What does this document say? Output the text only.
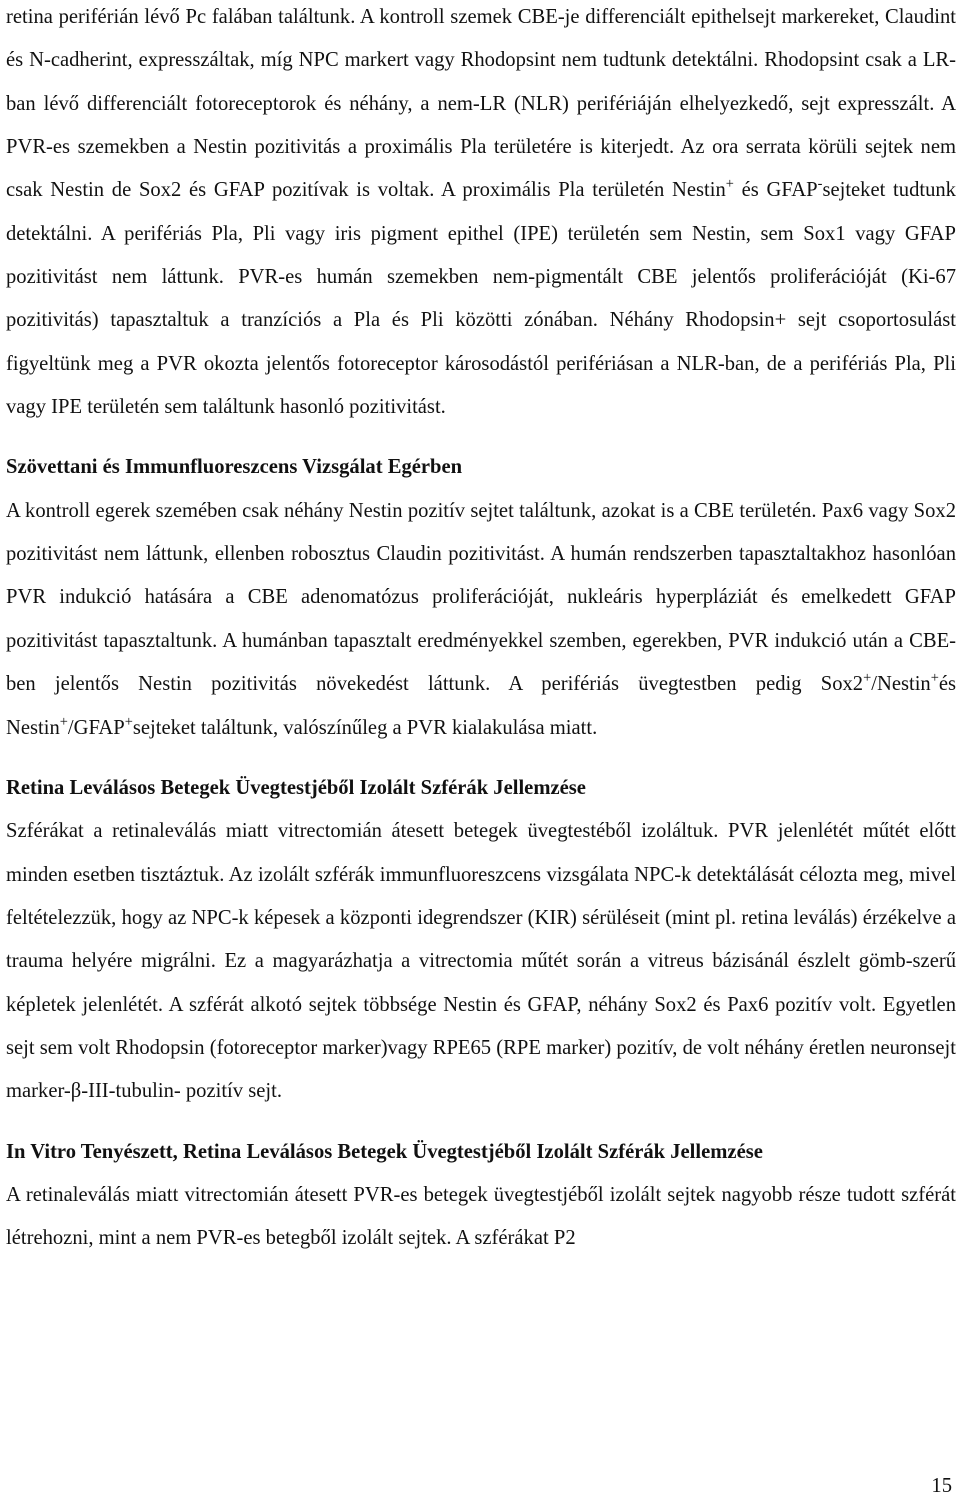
retina periférián lévő Pc falában találtunk. A kontroll szemek CBE-je differenciált epithelsejt markereket, Claudint és N-cadherint, expresszáltak, míg NPC markert vagy Rhodopsint nem tudtunk detektálni. Rhodopsint csak a LR-ban lévő differenciált fotoreceptorok és néhány, a nem-LR (NLR) perifériáján elhelyezkedő, sejt expresszált. A PVR-es szemekben a Nestin pozitivitás a proximális Pla területére is kiterjedt. Az ora serrata körüli sejtek nem csak Nestin de Sox2 és GFAP pozitívak is voltak. A proximális Pla területén Nestin+ és GFAP-sejteket tudtunk detektálni. A perifériás Pla, Pli vagy iris pigment epithel (IPE) területén sem Nestin, sem Sox1 vagy GFAP pozitivitást nem láttunk. PVR-es humán szemekben nem-pigmentált CBE jelentős proliferációját (Ki-67 pozitivitás) tapasztaltuk a tranzíciós a Pla és Pli közötti zónában. Néhány Rhodopsin+ sejt csoportosulást figyeltünk meg a PVR okozta jelentős fotoreceptor károsodástól perifériásan a NLR-ban, de a perifériás Pla, Pli vagy IPE területén sem találtunk hasonló pozitivitást.

Szövettani és Immunfluoreszcens Vizsgálat Egérben

A kontroll egerek szemében csak néhány Nestin pozitív sejtet találtunk, azokat is a CBE területén. Pax6 vagy Sox2 pozitivitást nem láttunk, ellenben robosztus Claudin pozitivitást. A humán rendszerben tapasztaltakhoz hasonlóan PVR indukció hatására a CBE adenomatózus proliferációját, nukleáris hyperpláziát és emelkedett GFAP pozitivitást tapasztaltunk. A humánban tapasztalt eredményekkel szemben, egerekben, PVR indukció után a CBE-ben jelentős Nestin pozitivitás növekedést láttunk. A perifériás üvegtestben pedig Sox2+/Nestin+és Nestin+/GFAP+sejteket találtunk, valószínűleg a PVR kialakulása miatt.

Retina Leválásos Betegek Üvegtestjéből Izolált Szférák Jellemzése

Szférákat a retinaleválás miatt vitrectomián átesett betegek üvegtestéből izoláltuk. PVR jelenlétét műtét előtt minden esetben tisztáztuk. Az izolált szférák immunfluoreszcens vizsgálata NPC-k detektálását célozta meg, mivel feltételezzük, hogy az NPC-k képesek a központi idegrendszer (KIR) sérüléseit (mint pl. retina leválás) érzékelve a trauma helyére migrálni. Ez a magyarázhatja a vitrectomia műtét során a vitreus bázisánál észlelt gömb-szerű képletek jelenlétét. A szférát alkotó sejtek többsége Nestin és GFAP, néhány Sox2 és Pax6 pozitív volt. Egyetlen sejt sem volt Rhodopsin (fotoreceptor marker)vagy RPE65 (RPE marker) pozitív, de volt néhány éretlen neuronsejt marker-β-III-tubulin- pozitív sejt.

In Vitro Tenyészett, Retina Leválásos Betegek Üvegtestjéből Izolált Szférák Jellemzése

A retinaleválás miatt vitrectomián átesett PVR-es betegek üvegtestjéből izolált sejtek nagyobb része tudott szférát létrehozni, mint a nem PVR-es betegből izolált sejtek. A szférákat P2

15
